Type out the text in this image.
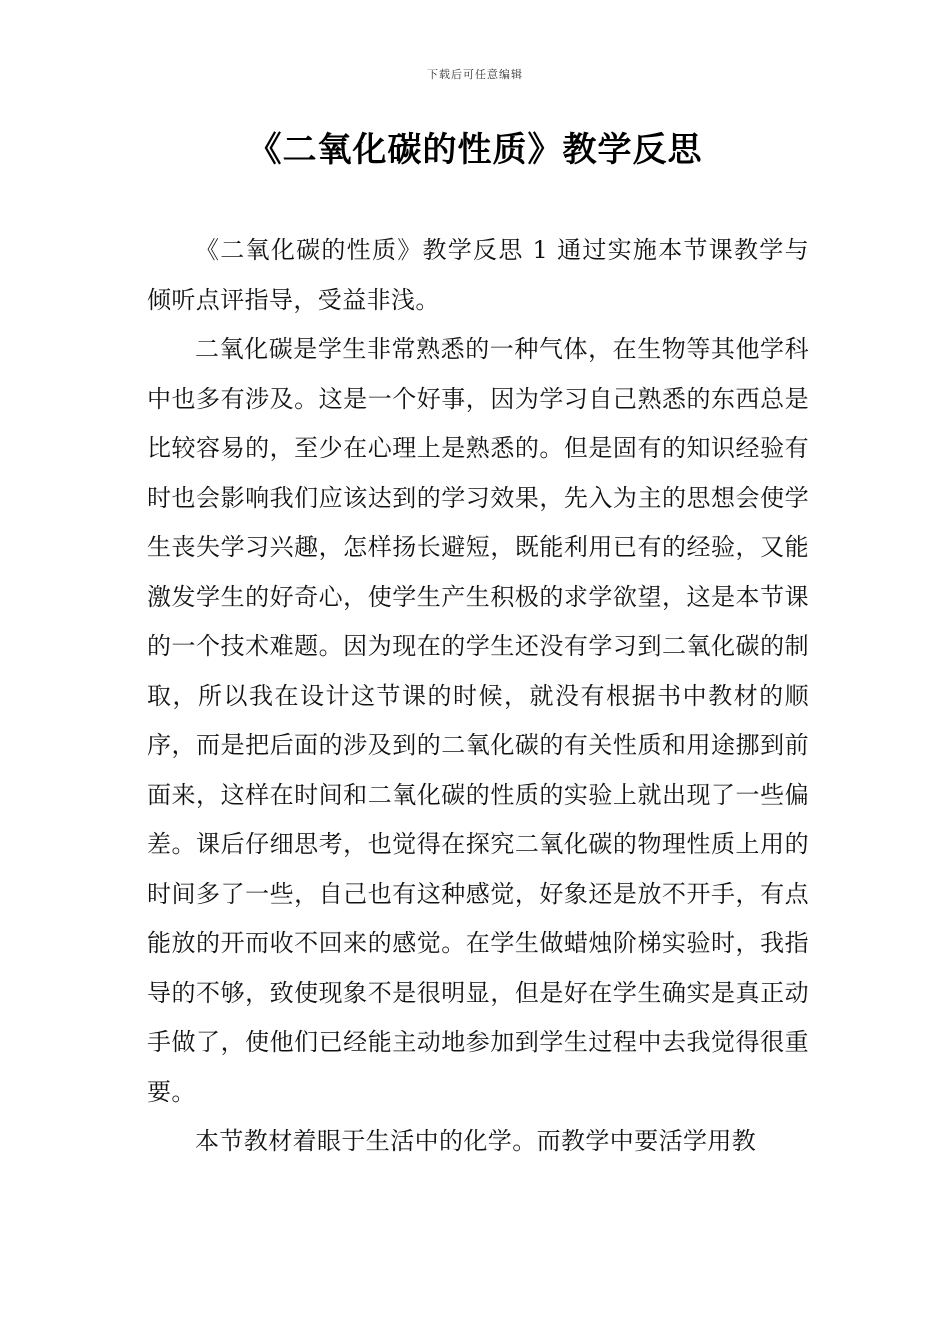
下载后可任意编辑
《二氧化碳的性质》教学反思

《二氧化碳的性质》教学反思 1 通过实施本节课教学与倾听点评指导，受益非浅。

二氧化碳是学生非常熟悉的一种气体，在生物等其他学科中也多有涉及。这是一个好事，因为学习自己熟悉的东西总是比较容易的，至少在心理上是熟悉的。但是固有的知识经验有时也会影响我们应该达到的学习效果，先入为主的思想会使学生丧失学习兴趣，怎样扬长避短，既能利用已有的经验，又能激发学生的好奇心，使学生产生积极的求学欲望，这是本节课的一个技术难题。因为现在的学生还没有学习到二氧化碳的制取，所以我在设计这节课的时候，就没有根据书中教材的顺序，而是把后面的涉及到的二氧化碳的有关性质和用途挪到前面来，这样在时间和二氧化碳的性质的实验上就出现了一些偏差。课后仔细思考，也觉得在探究二氧化碳的物理性质上用的时间多了一些，自己也有这种感觉，好象还是放不开手，有点能放的开而收不回来的感觉。在学生做蜡烛阶梯实验时，我指导的不够，致使现象不是很明显，但是好在学生确实是真正动手做了，使他们已经能主动地参加到学生过程中去我觉得很重要。

本节教材着眼于生活中的化学。而教学中要活学用教
